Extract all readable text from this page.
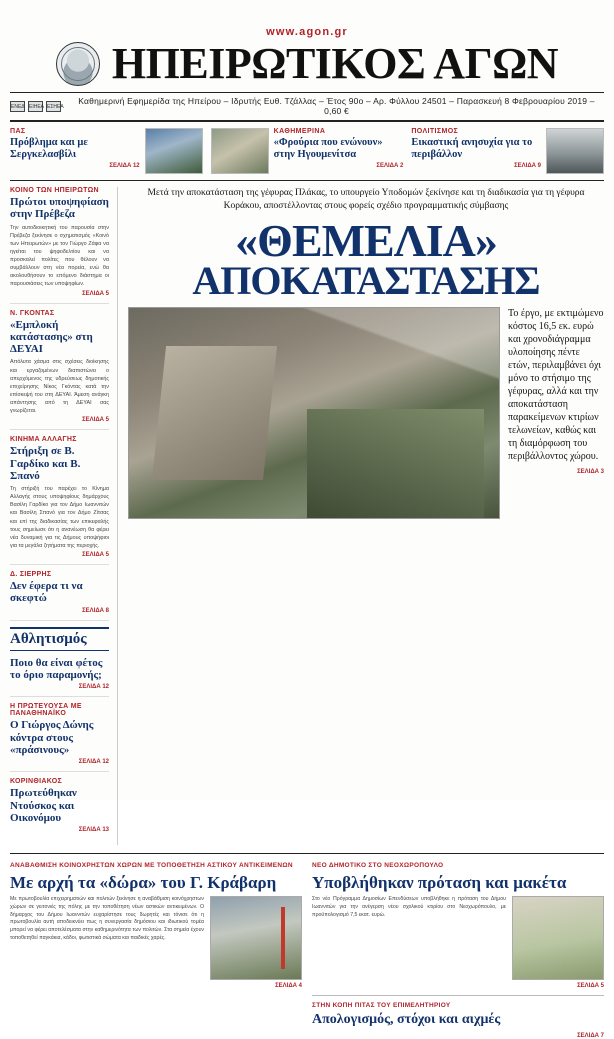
www.agon.gr
ΗΠΕΙΡΩΤΙΚΟΣ ΑΓΩΝ
ΕΝΕΔ ΕΙΗΕΑ ΕΣΗΕΑ
Καθημερινή Εφημερίδα της Ηπείρου – Ιδρυτής Ευθ. Τζάλλας – Έτος 90ο – Αρ. Φύλλου 24501 – Παρασκευή 8 Φεβρουαρίου 2019 – 0,60 €
ΠΑΣ
Πρόβλημα και με Σεργκελασβίλι
ΣΕΛΙΔΑ 12
ΚΑΘΗΜΕΡΙΝΑ
«Φρούρια που ενώνουν» στην Ηγουμενίτσα
ΣΕΛΙΔΑ 2
ΠΟΛΙΤΙΣΜΟΣ
Εικαστική ανησυχία για το περιβάλλον
ΣΕΛΙΔΑ 9
ΚΟΙΝΟ ΤΩΝ ΗΠΕΙΡΩΤΩΝ
Πρώτοι υποψηφίαση στην Πρέβεζα
Την αυτοδιοικητική του παρουσία στην Πρέβεζα ξεκίνησε ο σχηματισμός «Κοινό των Ηπειρωτών» με τον Γιώργο Ζάφα να ηγείται του ψηφοδελτίου και να προσκαλεί πολίτες που θέλουν να συμβάλλουν στη νέα πορεία, ενώ θα ακολουθήσουν το επόμενο διάστημα οι παρουσιάσεις των υποψηφίων.
ΣΕΛΙΔΑ 5
Ν. ΓΚΟΝΤΑΣ
«Εμπλοκή κατάστασης» στη ΔΕΥΑΙ
Απόλυτα χάσμα στις σχέσεις διοίκησης και εργαζομένων διαπιστώνει ο απερχόμενος της υδρεύσεως δημοτικής επιχείρησης Νίκος Γκόντας κατά την επίσκεψή του στη ΔΕΥΑΙ. Άμεση ανάγκη απάντησης από τη ΔΕΥΑΙ σας γνωρίζεται.
ΣΕΛΙΔΑ 5
ΚΙΝΗΜΑ ΑΛΛΑΓΗΣ
Στήριξη σε Β. Γαρδίκο και Β. Σπανό
Τη στήριξή του παρέχει το Κίνημα Αλλαγής στους υποψηφίους δημάρχους Βασίλη Γαρδίκο για τον Δήμο Ιωαννιτών και Βασίλη Σπανό για τον Δήμο Ζίτσας και επί της διαδικασίας των επικεφαλής τους σημείωσε ότι η ανανέωση θα φέρει νέα δυναμική για τις Δήμους υποψήφιοι για τα μεγάλα ζητήματα της περιοχής.
ΣΕΛΙΔΑ 5
Δ. ΣΙΕΡΡΗΣ
Δεν έφερα τι να σκεφτώ
ΣΕΛΙΔΑ 8
Αθλητισμός
Ποιο θα είναι φέτος το όριο παραμονής;
ΣΕΛΙΔΑ 12
Η ΠΡΩΤΕΥΟΥΣΑ ΜΕ ΠΑΝΑΘΗΝΑΪΚΟ
Ο Γιώργος Δώνης κόντρα στους «πράσινους»
ΣΕΛΙΔΑ 12
ΚΟΡΙΝΘΙΑΚΟΣ
Πρωτεύθηκαν Ντούσκος και Οικονόμου
ΣΕΛΙΔΑ 13
Μετά την αποκατάσταση της γέφυρας Πλάκας, το υπουργείο Υποδομών ξεκίνησε και τη διαδικασία για τη γέφυρα Κοράκου, αποστέλλοντας στους φορείς σχέδιο προγραμματικής σύμβασης
«ΘΕΜΕΛΙΑ»
ΑΠΟΚΑΤΑΣΤΑΣΗΣ
Το έργο, με εκτιμώμενο κόστος 16,5 εκ. ευρώ και χρονοδιάγραμμα υλοποίησης πέντε ετών, περιλαμβάνει όχι μόνο το στήσιμο της γέφυρας, αλλά και την αποκατάσταση παρακείμενων κτιρίων τελωνείων, καθώς και τη διαμόρφωση του περιβάλλοντος χώρου.
ΣΕΛΙΔΑ 3
ΑΝΑΒΑΘΜΙΣΗ ΚΟΙΝΟΧΡΗΣΤΩΝ ΧΩΡΩΝ ΜΕ ΤΟΠΟΘΕΤΗΣΗ ΑΣΤΙΚΟΥ ΑΝΤΙΚΕΙΜΕΝΩΝ
Με αρχή τα «δώρα» του Γ. Κράβαρη
Με πρωτοβουλία επιχειρηματιών και πολιτών ξεκίνησε η αναβάθμιση κοινόχρηστων χώρων σε γειτονιές της πόλης με την τοποθέτηση νέων αστικών αντικειμένων. Ο δήμαρχος του Δήμου Ιωαννιτών ευχαρίστησε τους δωρητές και τόνισε ότι η πρωτοβουλία αυτή αποδεικνύει πως η συνεργασία δημόσιου και ιδιωτικού τομέα μπορεί να φέρει αποτελέσματα στην καθημερινότητα των πολιτών. Στα σημεία έχουν τοποθετηθεί παγκάκια, κάδοι, φωτιστικά σώματα και παιδικές χαρές.
ΣΕΛΙΔΑ 4
ΝΕΟ ΔΗΜΟΤΙΚΟ ΣΤΟ ΝΕΟΧΩΡΟΠΟΥΛΟ
Υποβλήθηκαν πρόταση και μακέτα
Στο νέο Πρόγραμμα Δημοσίων Επενδύσεων υποβλήθηκε η πρόταση του Δήμου Ιωαννιτών για την ανέγερση νέου σχολικού κτιρίου στο Νεοχωρόπουλο, με προϋπολογισμό 7,5 εκατ. ευρώ.
ΣΕΛΙΔΑ 5
ΣΤΗΝ ΚΟΠΗ ΠΙΤΑΣ ΤΟΥ ΕΠΙΜΕΛΗΤΗΡΙΟΥ
Απολογισμός, στόχοι και αιχμές
ΣΕΛΙΔΑ 7
